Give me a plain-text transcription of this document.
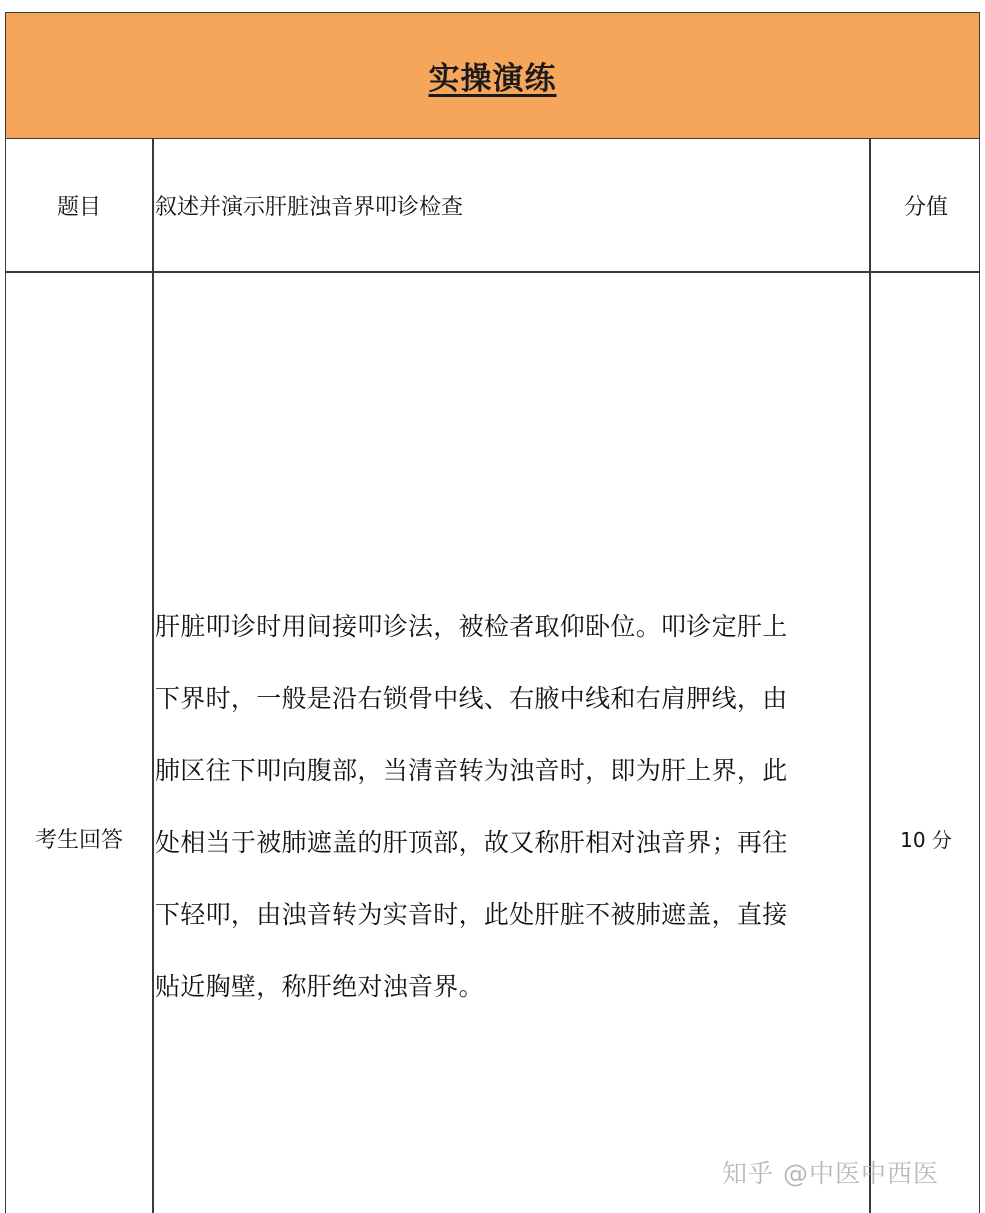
实操演练
题目	叙述并演示肝脏浊音界叩诊检查	分值
考生回答
肝脏叩诊时用间接叩诊法，被检者取仰卧位。叩诊定肝上
下界时，一般是沿右锁骨中线、右腋中线和右肩胛线，由
肺区往下叩向腹部，当清音转为浊音时，即为肝上界，此
处相当于被肺遮盖的肝顶部，故又称肝相对浊音界；再往
下轻叩，由浊音转为实音时，此处肝脏不被肺遮盖，直接
贴近胸壁，称肝绝对浊音界。
10 分
知乎 @中医中西医
